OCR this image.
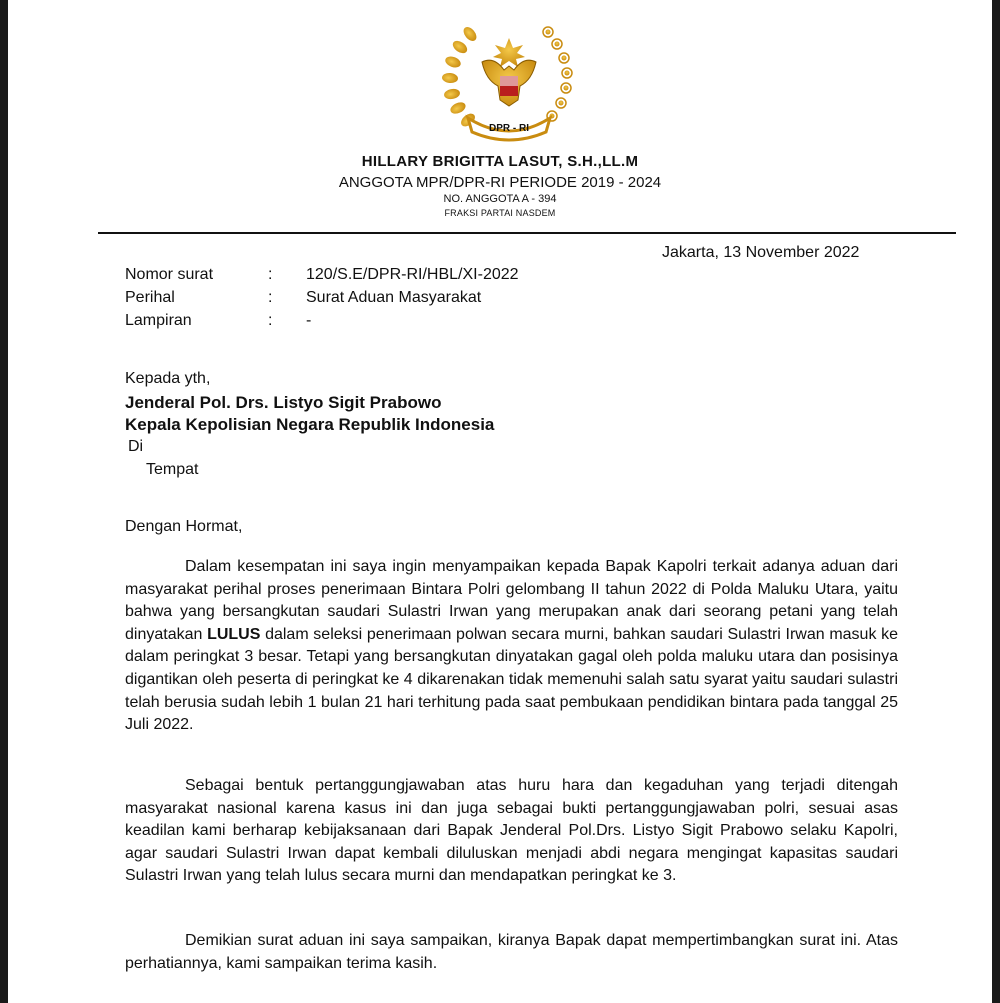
DPR - RI
HILLARY BRIGITTA LASUT, S.H.,LL.M
ANGGOTA MPR/DPR-RI PERIODE 2019 - 2024
NO. ANGGOTA A - 394
FRAKSI PARTAI NASDEM
Jakarta, 13 November 2022
Nomor surat	: 120/S.E/DPR-RI/HBL/XI-2022
Perihal	: Surat Aduan Masyarakat
Lampiran	: -
Kepada yth,
Jenderal Pol. Drs. Listyo Sigit Prabowo
Kepala Kepolisian Negara Republik Indonesia
Di
Tempat
Dengan Hormat,

Dalam kesempatan ini saya ingin menyampaikan kepada Bapak Kapolri terkait adanya aduan dari masyarakat perihal proses penerimaan Bintara Polri gelombang II tahun 2022 di Polda Maluku Utara, yaitu bahwa yang bersangkutan saudari Sulastri Irwan yang merupakan anak dari seorang petani yang telah dinyatakan LULUS dalam seleksi penerimaan polwan secara murni, bahkan saudari Sulastri Irwan masuk ke dalam peringkat 3 besar. Tetapi yang bersangkutan dinyatakan gagal oleh polda maluku utara dan posisinya digantikan oleh peserta di peringkat ke 4 dikarenakan tidak memenuhi salah satu syarat yaitu saudari sulastri telah berusia sudah lebih 1 bulan 21 hari terhitung pada saat pembukaan pendidikan bintara pada tanggal 25 Juli 2022.

Sebagai bentuk pertanggungjawaban atas huru hara dan kegaduhan yang terjadi ditengah masyarakat nasional karena kasus ini dan juga sebagai bukti pertanggungjawaban polri, sesuai asas keadilan kami berharap kebijaksanaan dari Bapak Jenderal Pol.Drs. Listyo Sigit Prabowo selaku Kapolri, agar saudari Sulastri Irwan dapat kembali diluluskan menjadi abdi negara mengingat kapasitas saudari Sulastri Irwan yang telah lulus secara murni dan mendapatkan peringkat ke 3.

Demikian surat aduan ini saya sampaikan, kiranya Bapak dapat mempertimbangkan surat ini. Atas perhatiannya, kami sampaikan terima kasih.
